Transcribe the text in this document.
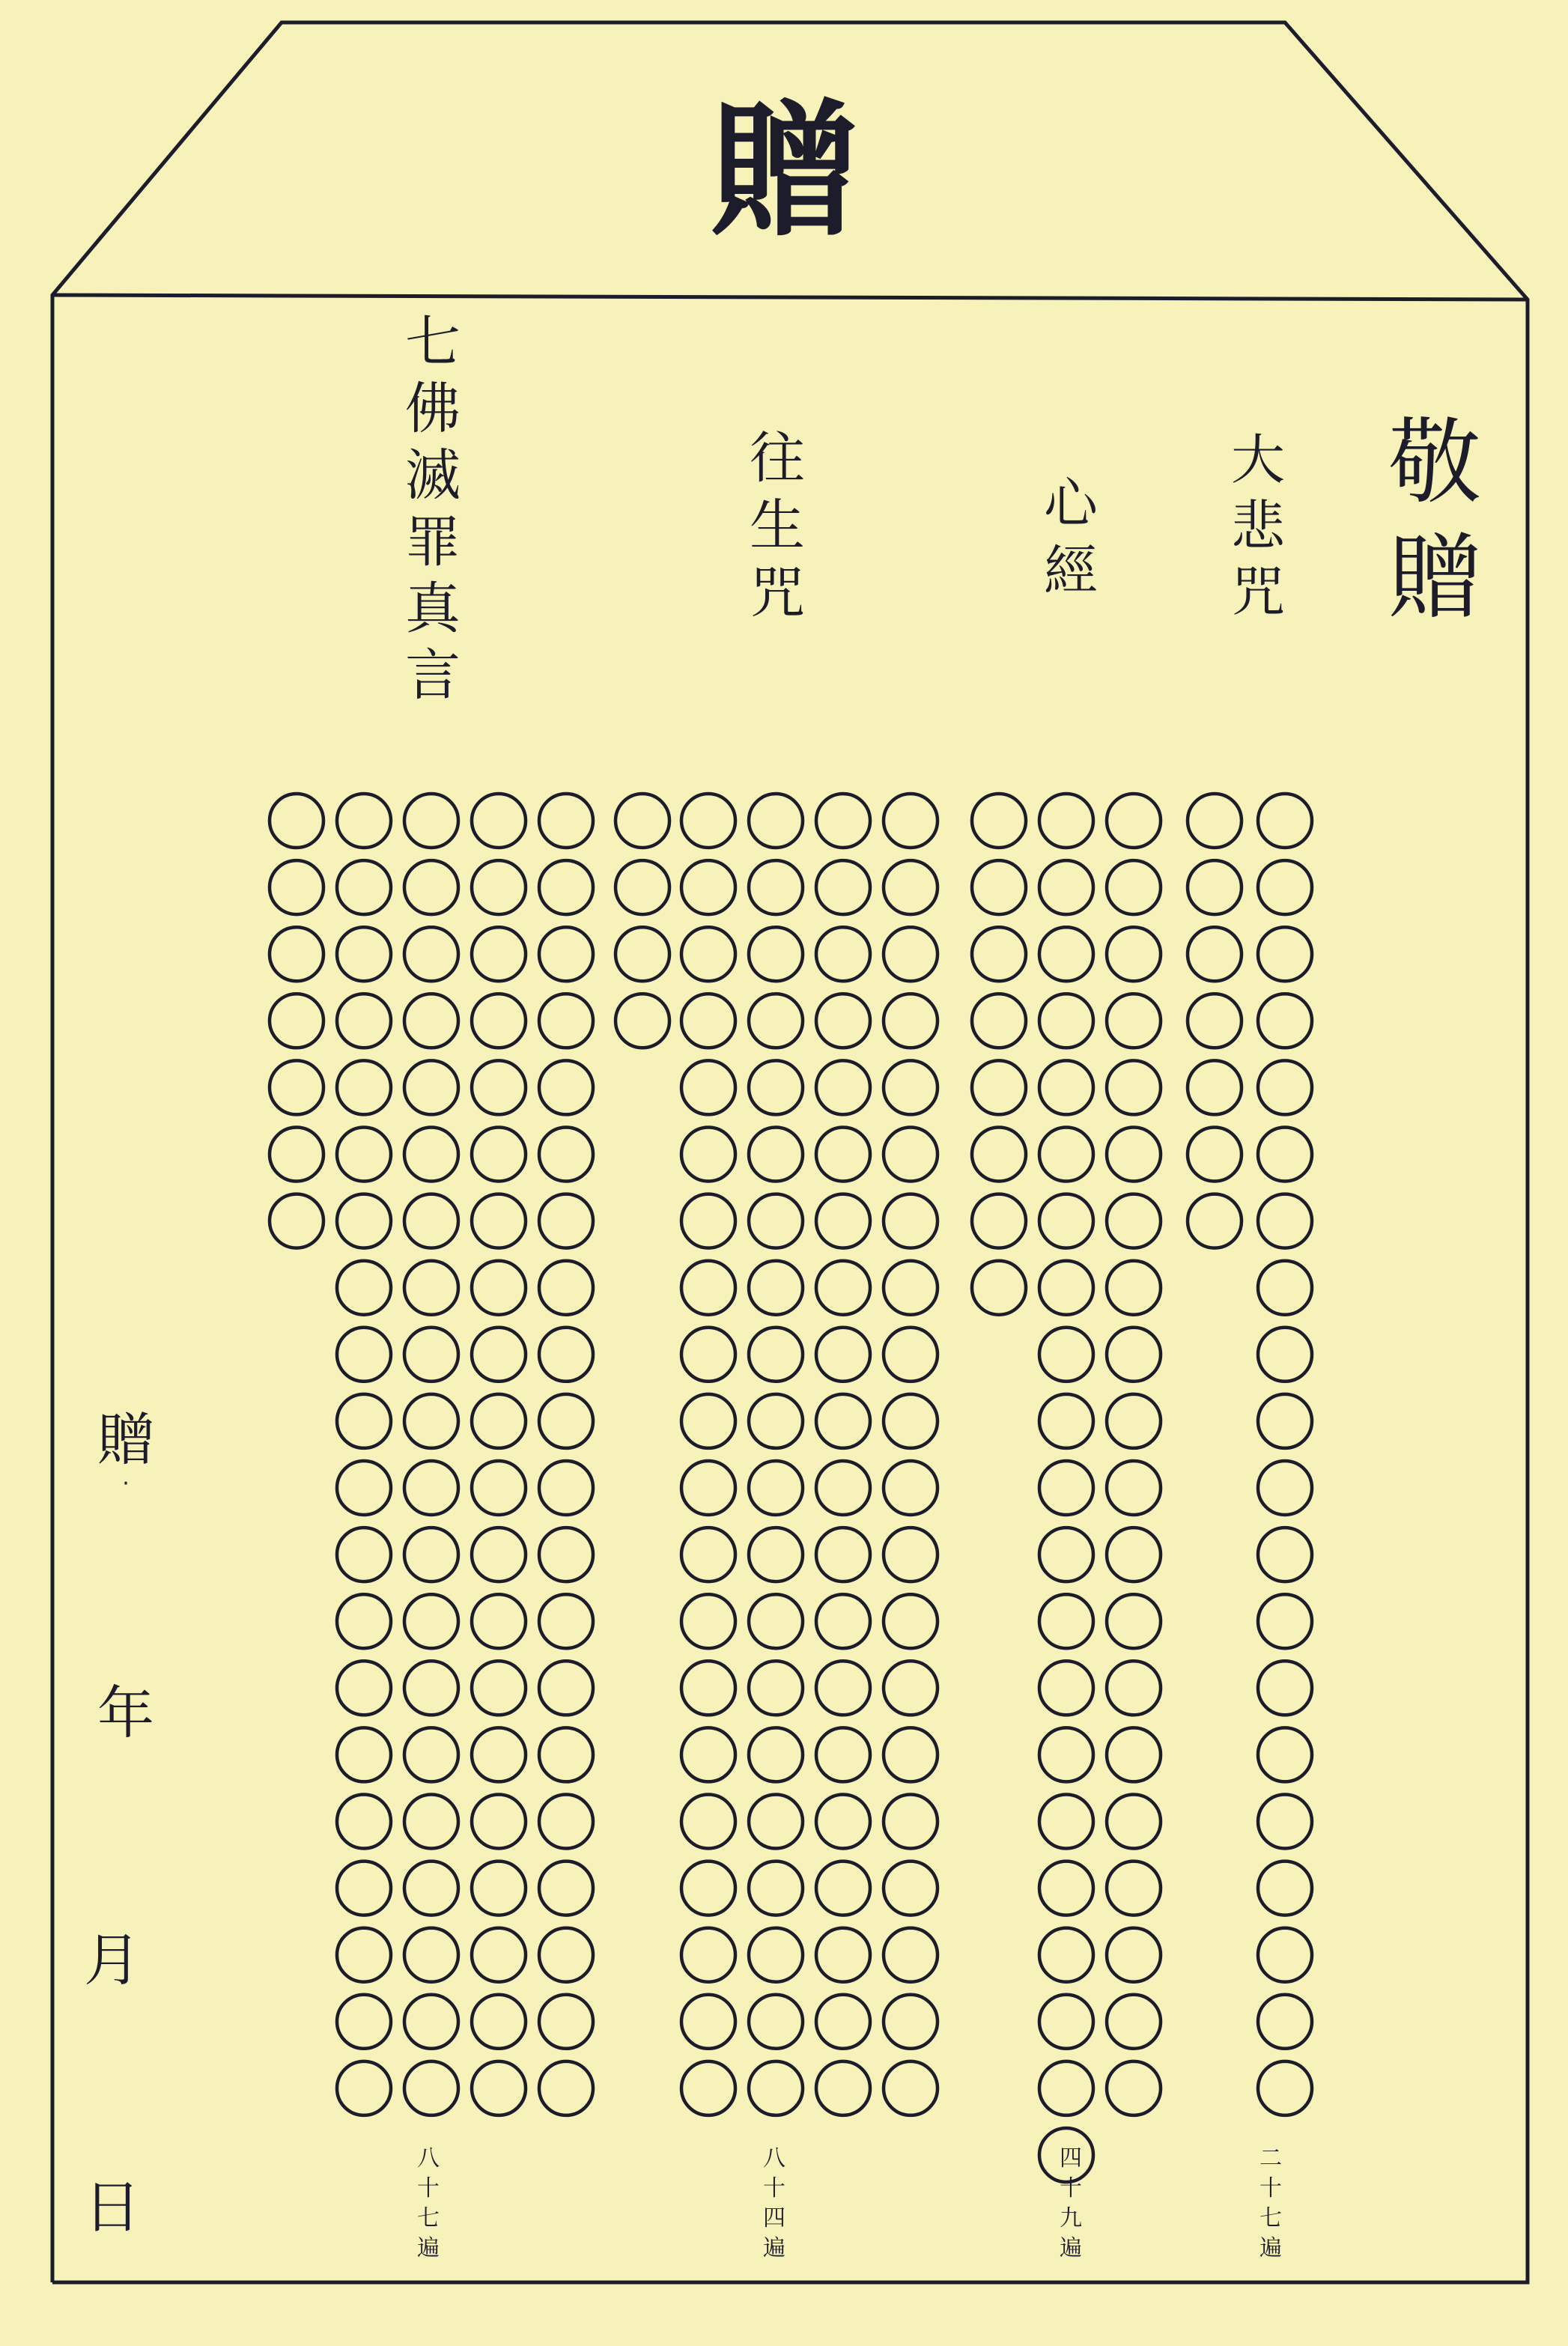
贈
敬
贈
大
悲
咒
心
經
往
生
咒
七
佛
滅
罪
真
言
二
十
七
遍
四
十
九
遍
八
十
四
遍
八
十
七
遍
贈
·
年
月
日
